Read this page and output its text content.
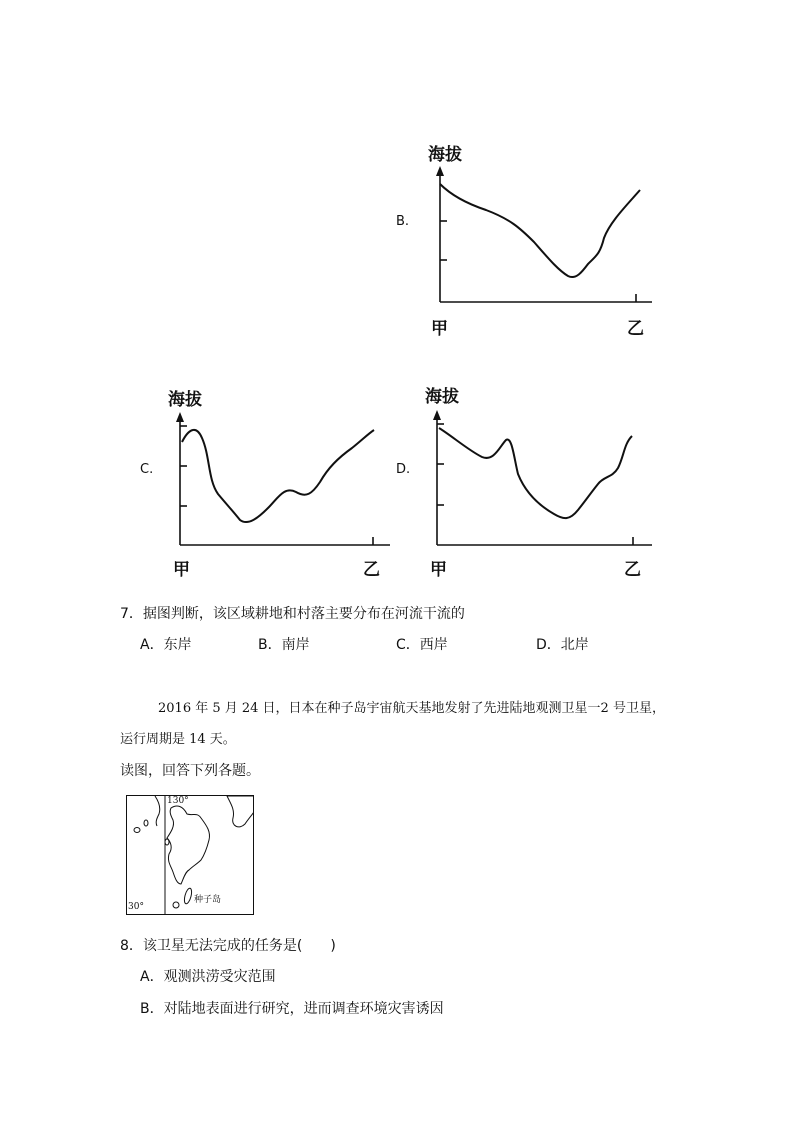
海拔
B.
甲	乙
海拔
C.
甲	乙
海拔
D.
甲	乙
7．据图判断，该区域耕地和村落主要分布在河流干流的
A．东岸	B．南岸	C．西岸	D．北岸
2016 年 5 月 24 日，日本在种子岛宇宙航天基地发射了先进陆地观测卫星一2 号卫星，
运行周期是 14 天。
读图，回答下列各题。
130°
30°
种子岛
8．该卫星无法完成的任务是(　　)
A．观测洪涝受灾范围
B．对陆地表面进行研究，进而调查环境灾害诱因
